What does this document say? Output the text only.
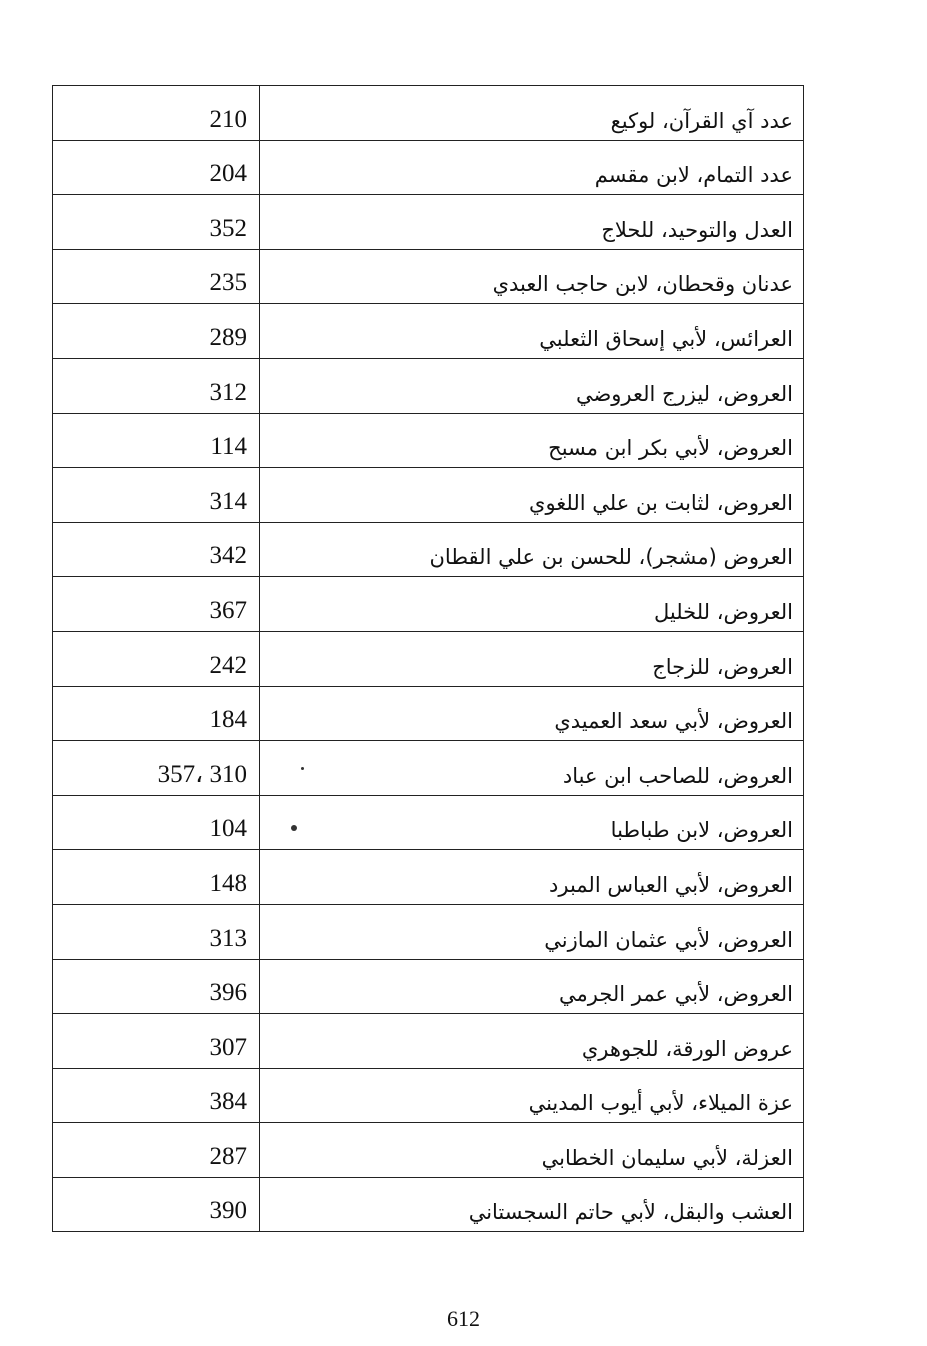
210	عدد آي القرآن، لوكيع
204	عدد التمام، لابن مقسم
352	العدل والتوحيد، للحلاج
235	عدنان وقحطان، لابن حاجب العبدي
289	العرائس، لأبي إسحاق الثعلبي
312	العروض، ليزرج العروضي
114	العروض، لأبي بكر ابن مسبح
314	العروض، لثابت بن علي اللغوي
342	العروض (مشجر)، للحسن بن علي القطان
367	العروض، للخليل
242	العروض، للزجاج
184	العروض، لأبي سعد العميدي
357، 310	العروض، للصاحب ابن عباد
104	العروض، لابن طباطبا
148	العروض، لأبي العباس المبرد
313	العروض، لأبي عثمان المازني
396	العروض، لأبي عمر الجرمي
307	عروض الورقة، للجوهري
384	عزة الميلاء، لأبي أيوب المديني
287	العزلة، لأبي سليمان الخطابي
390	العشب والبقل، لأبي حاتم السجستاني
612
